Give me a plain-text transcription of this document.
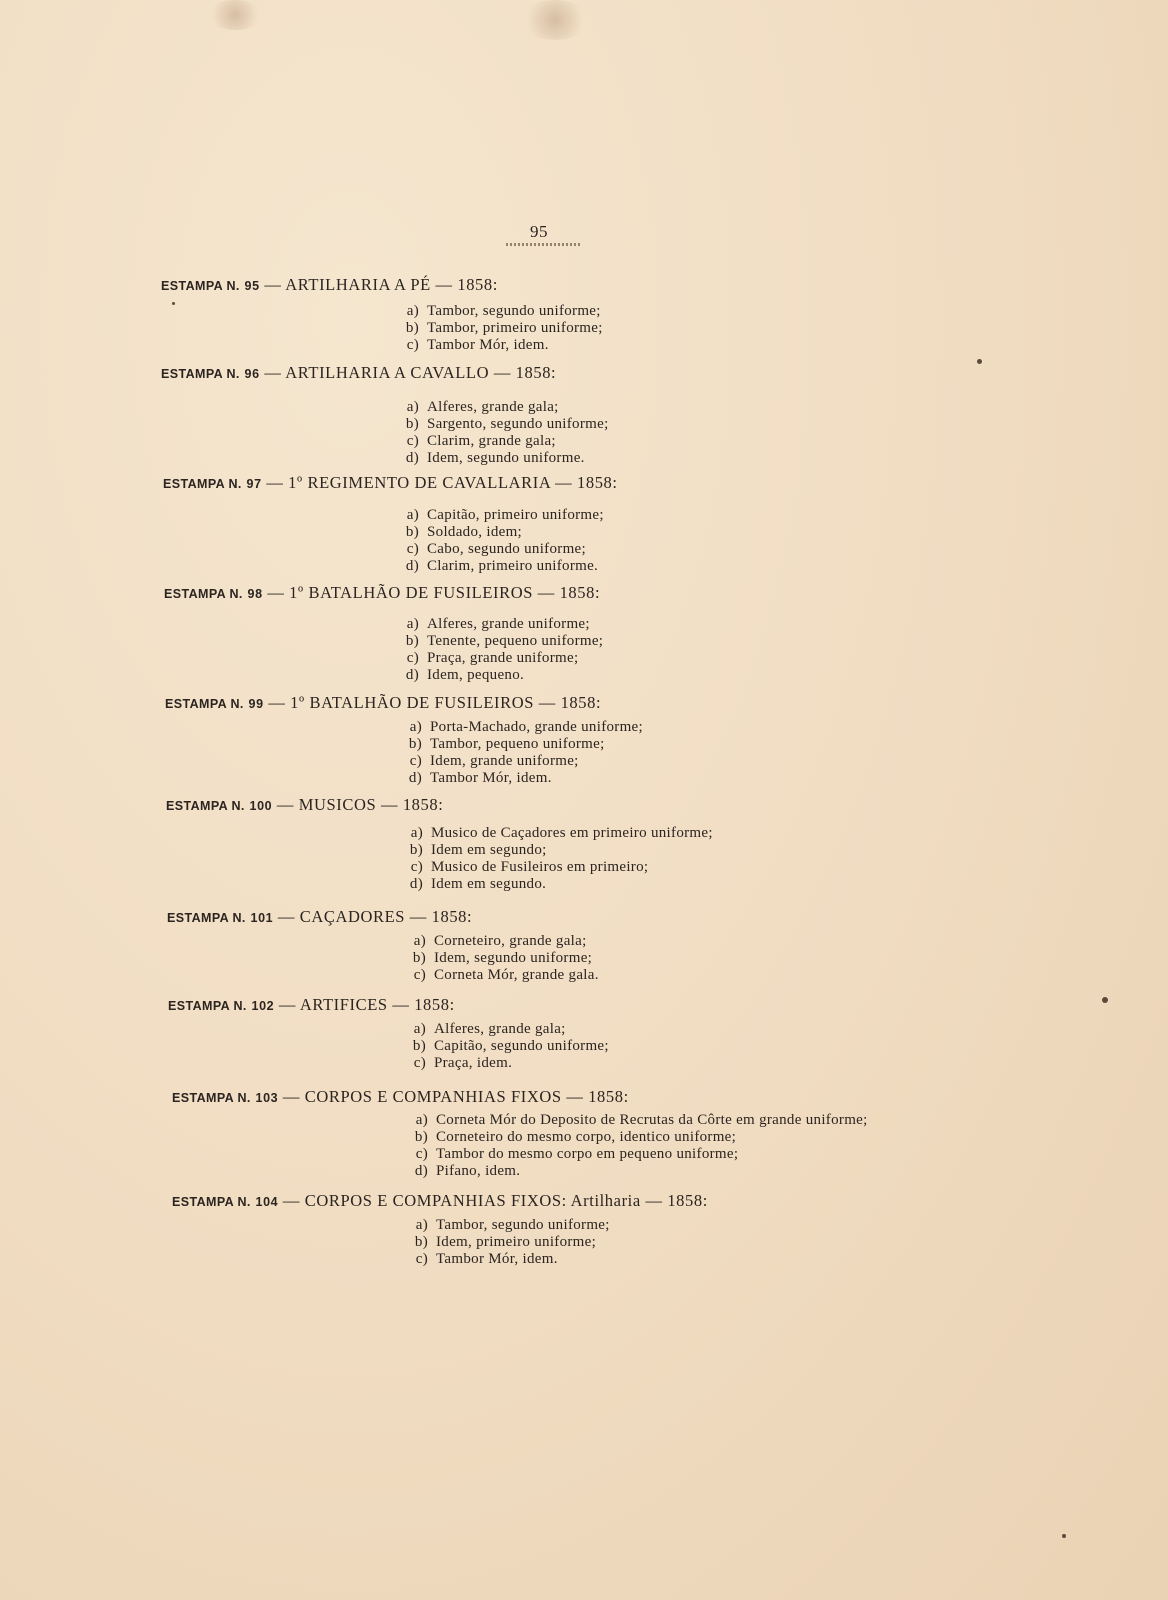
95
ESTAMPA N. 95 — ARTILHARIA A PÉ — 1858:
a) Tambor, segundo uniforme;
b) Tambor, primeiro uniforme;
c) Tambor Mór, idem.
ESTAMPA N. 96 — ARTILHARIA A CAVALLO — 1858:
a) Alferes, grande gala;
b) Sargento, segundo uniforme;
c) Clarim, grande gala;
d) Idem, segundo uniforme.
ESTAMPA N. 97 — 1º REGIMENTO DE CAVALLARIA — 1858:
a) Capitão, primeiro uniforme;
b) Soldado, idem;
c) Cabo, segundo uniforme;
d) Clarim, primeiro uniforme.
ESTAMPA N. 98 — 1º BATALHÃO DE FUSILEIROS — 1858:
a) Alferes, grande uniforme;
b) Tenente, pequeno uniforme;
c) Praça, grande uniforme;
d) Idem, pequeno.
ESTAMPA N. 99 — 1º BATALHÃO DE FUSILEIROS — 1858:
a) Porta-Machado, grande uniforme;
b) Tambor, pequeno uniforme;
c) Idem, grande uniforme;
d) Tambor Mór, idem.
ESTAMPA N. 100 — MUSICOS — 1858:
a) Musico de Caçadores em primeiro uniforme;
b) Idem em segundo;
c) Musico de Fusileiros em primeiro;
d) Idem em segundo.
ESTAMPA N. 101 — CAÇADORES — 1858:
a) Corneteiro, grande gala;
b) Idem, segundo uniforme;
c) Corneta Mór, grande gala.
ESTAMPA N. 102 — ARTIFICES — 1858:
a) Alferes, grande gala;
b) Capitão, segundo uniforme;
c) Praça, idem.
ESTAMPA N. 103 — CORPOS E COMPANHIAS FIXOS — 1858:
a) Corneta Mór do Deposito de Recrutas da Côrte em grande uniforme;
b) Corneteiro do mesmo corpo, identico uniforme;
c) Tambor do mesmo corpo em pequeno uniforme;
d) Pifano, idem.
ESTAMPA N. 104 — CORPOS E COMPANHIAS FIXOS: Artilharia — 1858:
a) Tambor, segundo uniforme;
b) Idem, primeiro uniforme;
c) Tambor Mór, idem.
